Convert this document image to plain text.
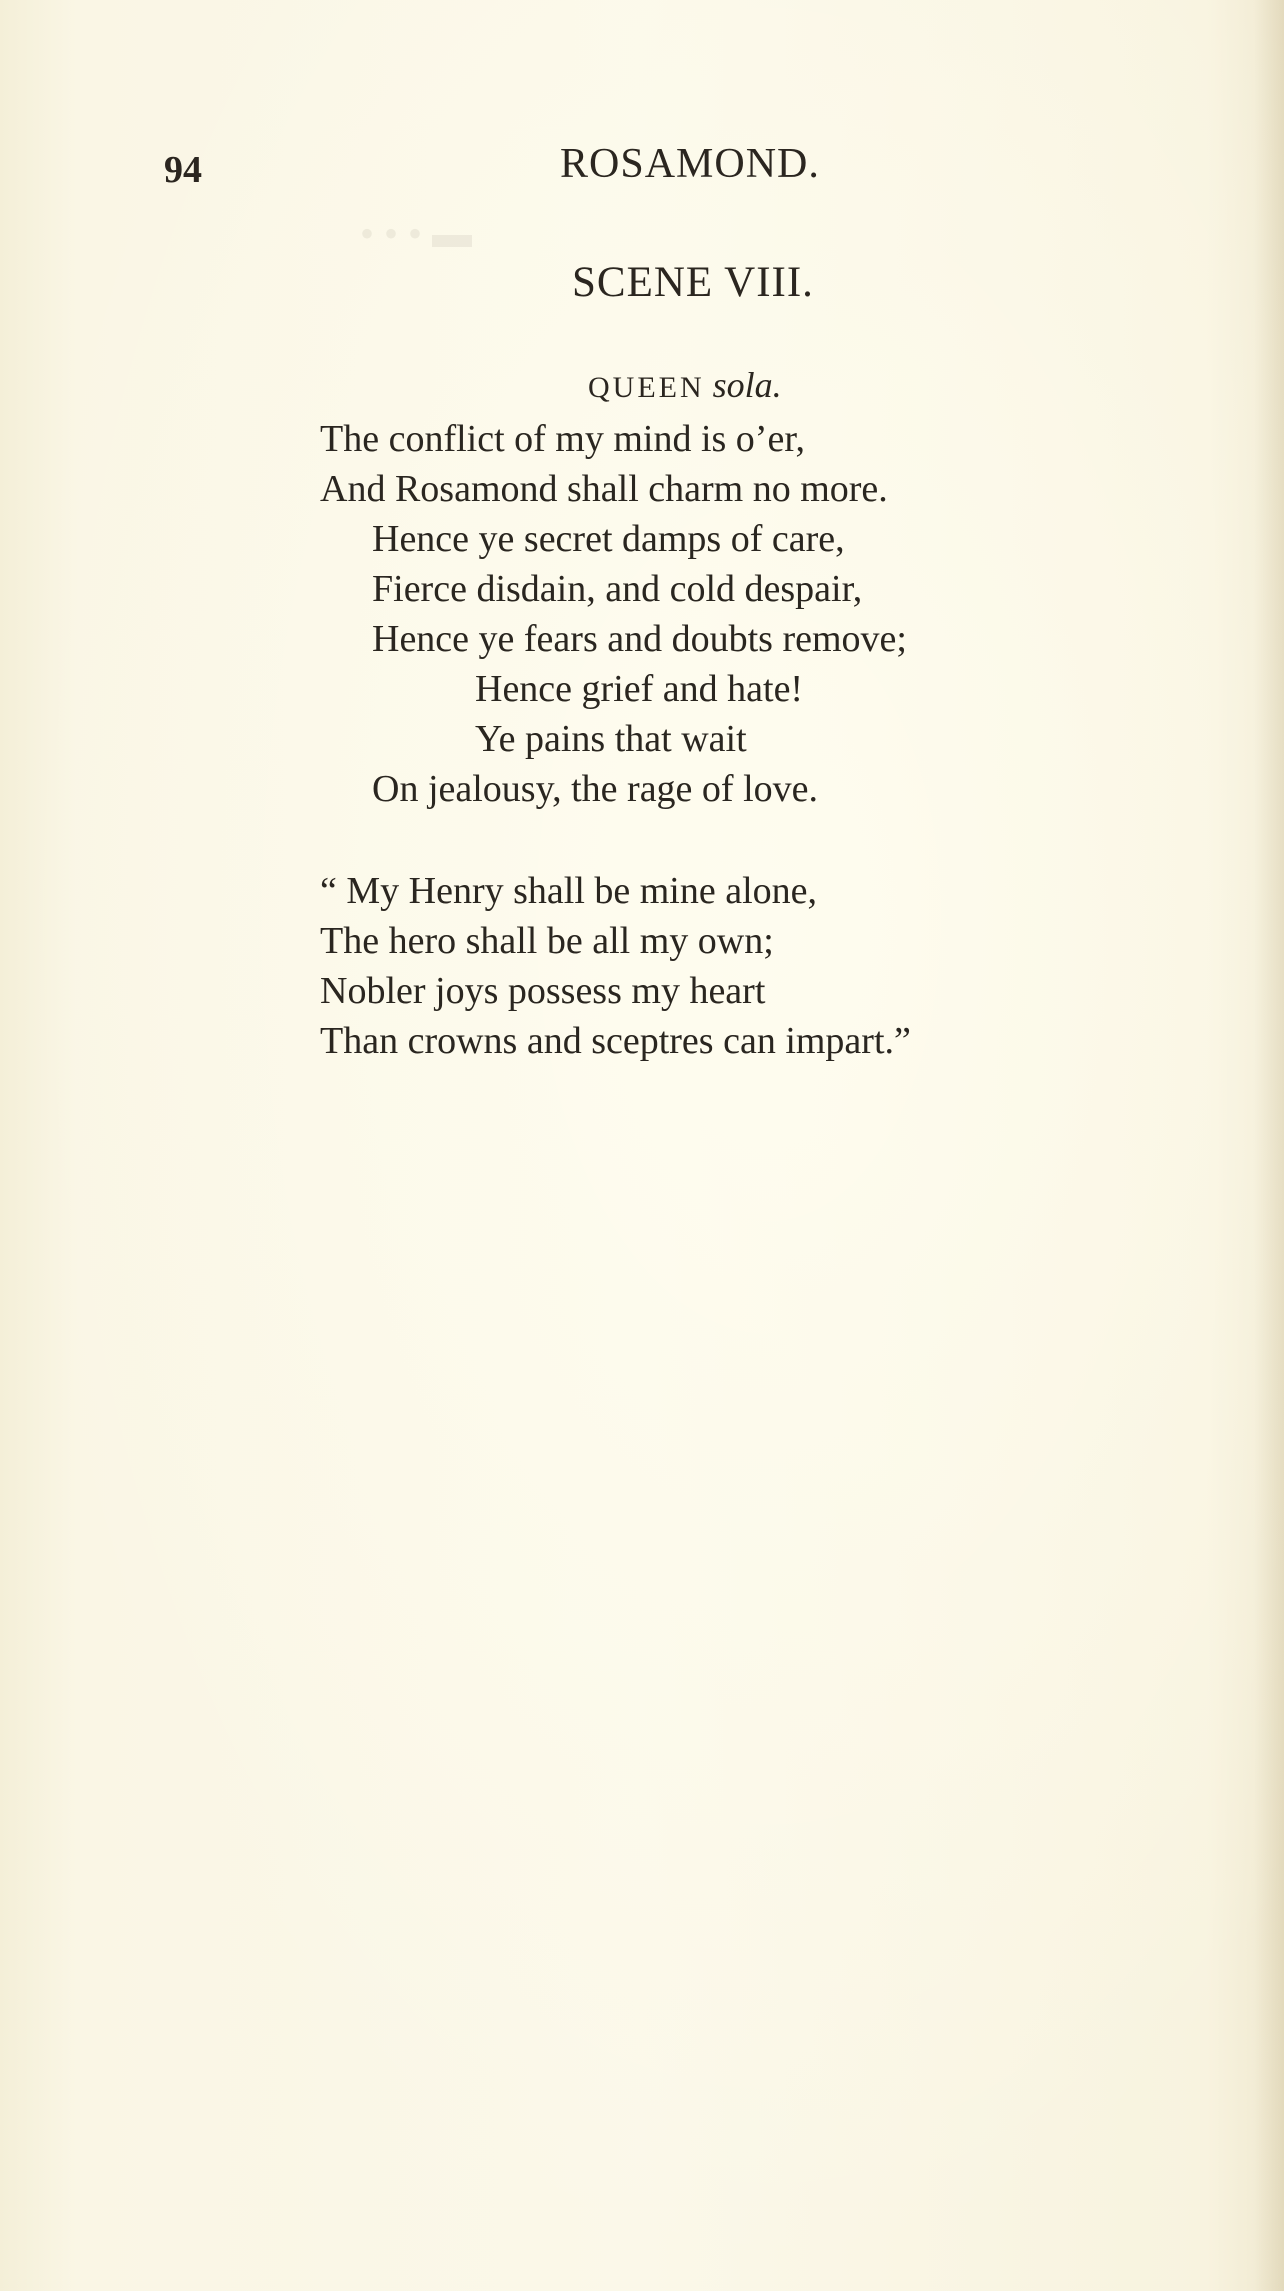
▬ • • •
94	ROSAMOND.
SCENE VIII.
QUEEN sola.
The conflict of my mind is o’er,
And Rosamond shall charm no more.
Hence ye secret damps of care,
Fierce disdain, and cold despair,
Hence ye fears and doubts remove;
Hence grief and hate!
Ye pains that wait
On jealousy, the rage of love.
“ My Henry shall be mine alone,
The hero shall be all my own;
Nobler joys possess my heart
Than crowns and sceptres can impart.”
